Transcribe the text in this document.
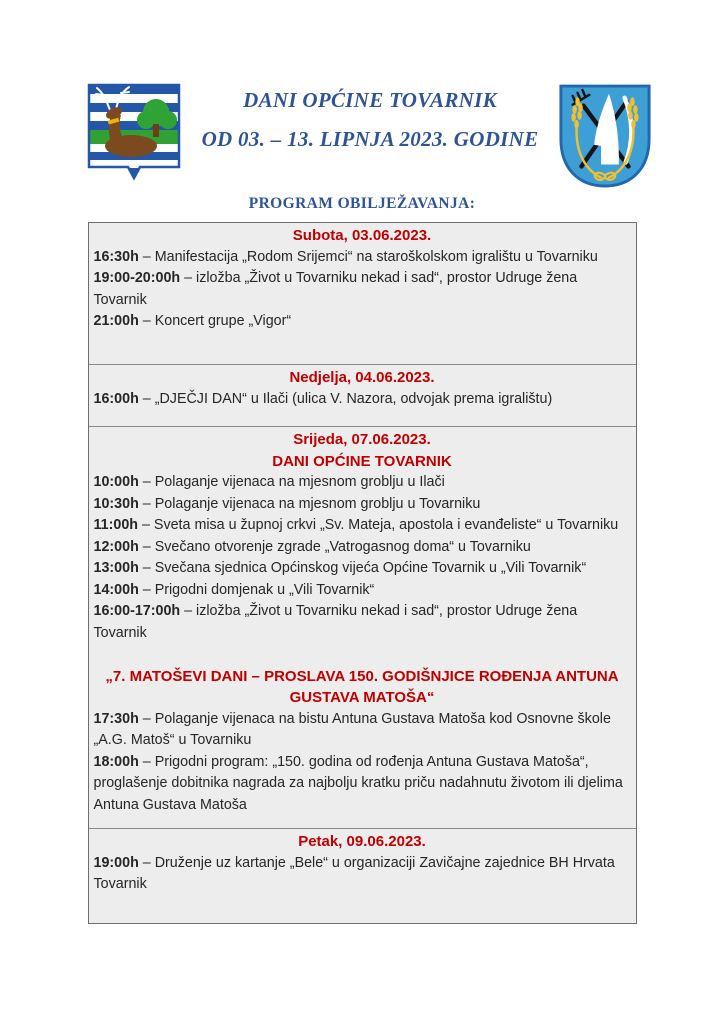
DANI OPĆINE TOVARNIK
OD 03. – 13. LIPNJA 2023. GODINE
PROGRAM OBILJEŽAVANJA:
Subota, 03.06.2023.

16:30h – Manifestacija „Rodom Srijemci“ na staroškolskom igralištu u Tovarniku

19:00-20:00h – izložba „Život u Tovarniku nekad i sad“, prostor Udruge žena Tovarnik

21:00h – Koncert grupe „Vigor“

Nedjelja, 04.06.2023.

16:00h – „DJEČJI DAN“ u Ilači (ulica V. Nazora, odvojak prema igralištu)

Srijeda, 07.06.2023.
DANI OPĆINE TOVARNIK

10:00h – Polaganje vijenaca na mjesnom groblju u Ilači

10:30h – Polaganje vijenaca na mjesnom groblju u Tovarniku

11:00h – Sveta misa u župnoj crkvi „Sv. Mateja, apostola i evanđeliste“ u Tovarniku

12:00h – Svečano otvorenje zgrade „Vatrogasnog doma“ u Tovarniku

13:00h – Svečana sjednica Općinskog vijeća Općine Tovarnik u „Vili Tovarnik“

14:00h – Prigodni domjenak u „Vili Tovarnik“

16:00-17:00h – izložba „Život u Tovarniku nekad i sad“, prostor Udruge žena Tovarnik

„7. MATOŠEVI DANI – PROSLAVA 150. GODIŠNJICE ROĐENJA ANTUNA
GUSTAVA MATOŠA“

17:30h – Polaganje vijenaca na bistu Antuna Gustava Matoša kod Osnovne škole „A.G. Matoš“ u Tovarniku

18:00h – Prigodni program: „150. godina od rođenja Antuna Gustava Matoša“, proglašenje dobitnika nagrada za najbolju kratku priču nadahnutu životom ili djelima Antuna Gustava Matoša

Petak, 09.06.2023.

19:00h – Druženje uz kartanje „Bele“ u organizaciji Zavičajne zajednice BH Hrvata Tovarnik
